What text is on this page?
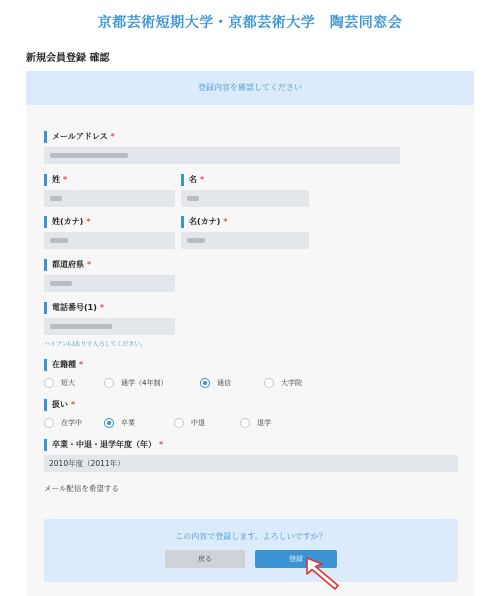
京都芸術短期大学・京都芸術大学　陶芸同窓会
新規会員登録 確認
登録内容を確認してください
メールアドレス *
姓 *	名 *
姓(カナ) *	名(カナ) *
都道府県 *
電話番号(1) *
ハイフン(-)ありで入力してください。
在籍種 *
短大	通学（4年制）	通信	大学院
扱い *
在学中	卒業	中退	退学
卒業・中退・退学年度（年） *
2010年度（2011年）
メール配信を希望する
この内容で登録します。よろしいですか？
戻る	登録
